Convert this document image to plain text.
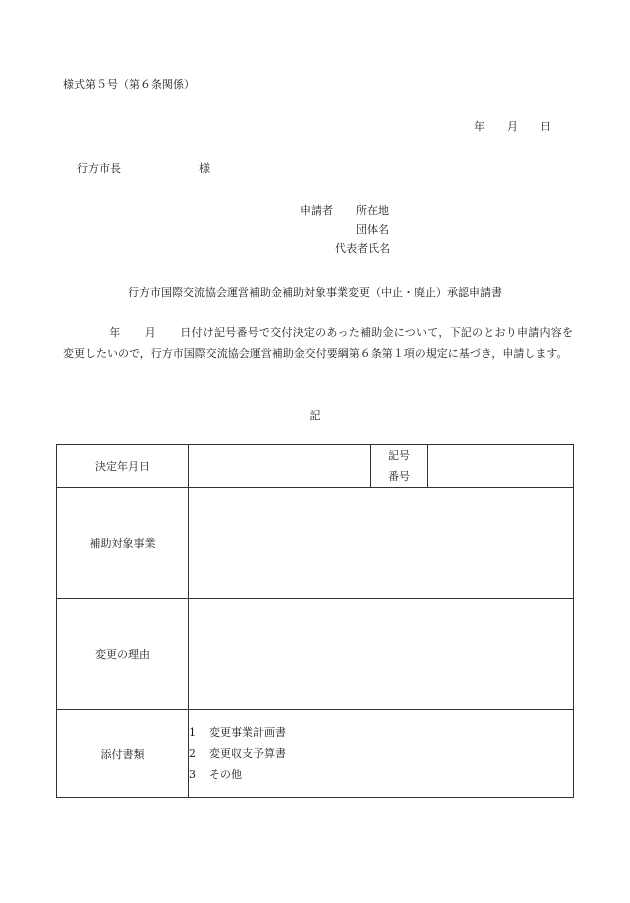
様式第５号（第６条関係）
年 月 日
行方市長	様
申請者 所在地
団体名
代表者氏名
行方市国際交流協会運営補助金補助対象事業変更（中止・廃止）承認申請書
年 月 日付け記号番号で交付決定のあった補助金について，下記のとおり申請内容を変更したいので，行方市国際交流協会運営補助金交付要綱第６条第１項の規定に基づき，申請します。
記
決定年月日		記号
番号	

補助対象事業			
変更の理由			
添付書類	1 変更事業計画書
2 変更収支予算書
3 その他		
